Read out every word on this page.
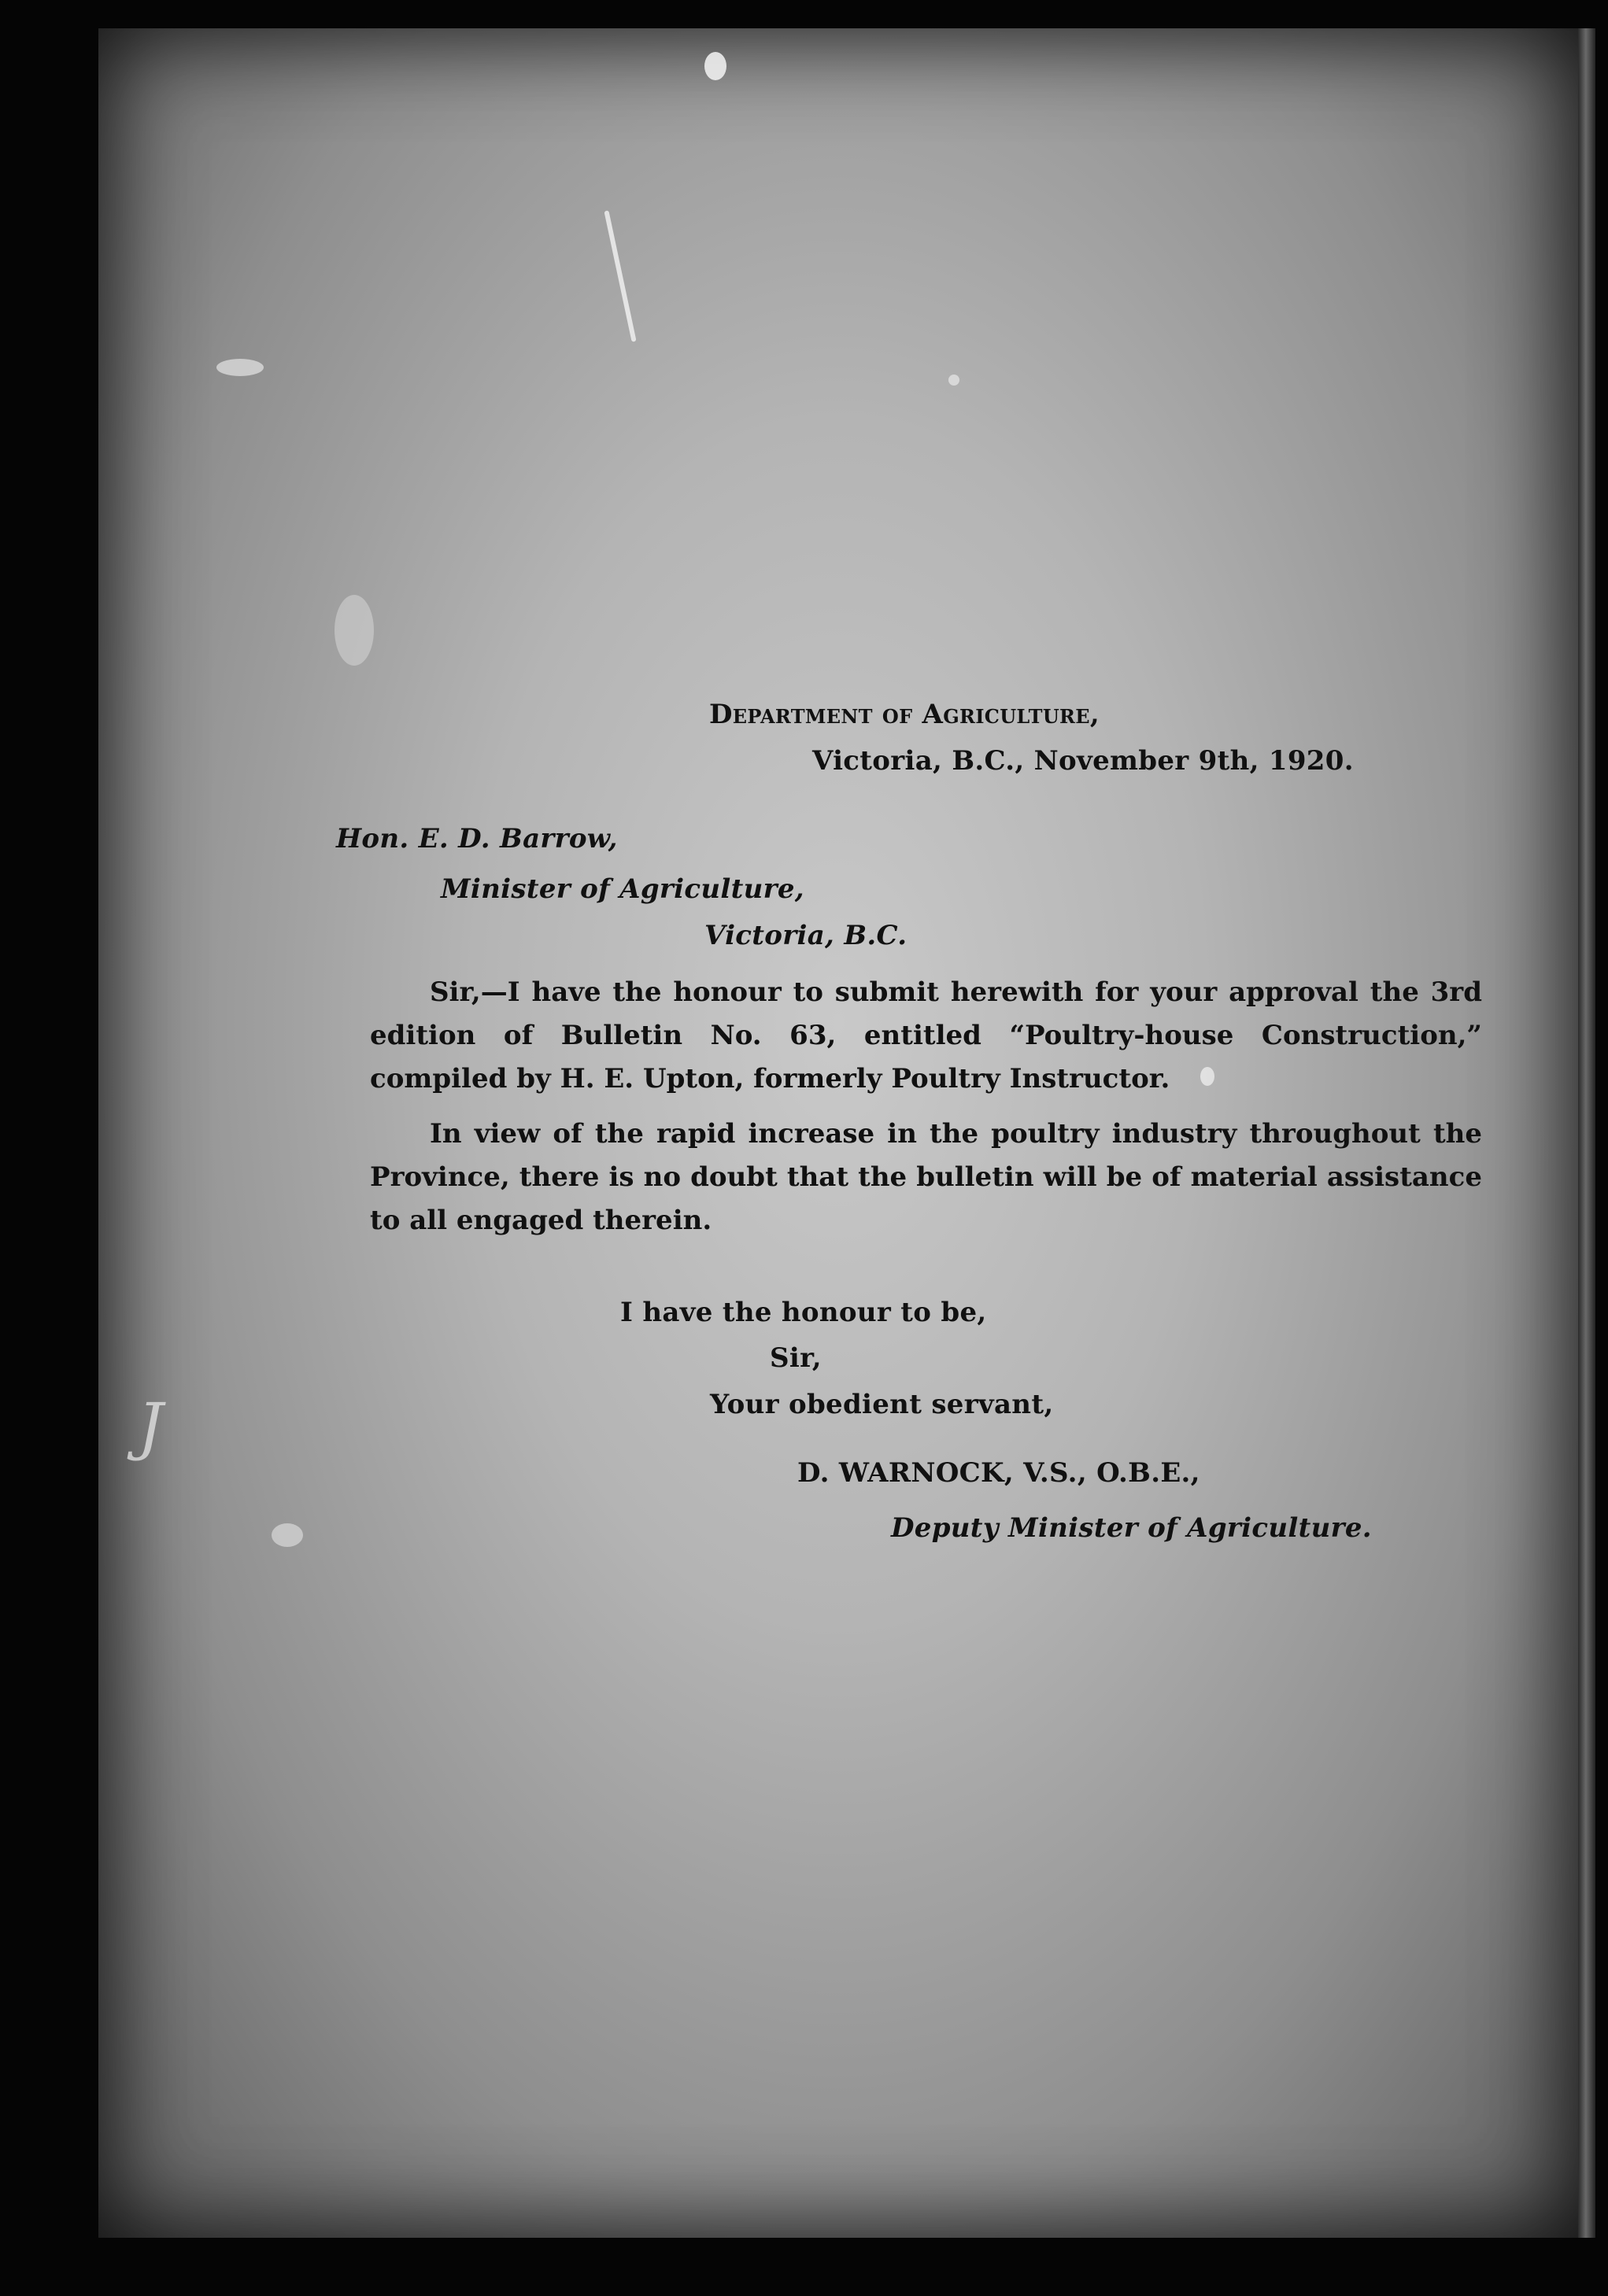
J
Department of Agriculture,
Victoria, B.C., November 9th, 1920.
Hon. E. D. Barrow,
Minister of Agriculture,
Victoria, B.C.
Sir,—I have the honour to submit herewith for your approval the 3rd edition of Bulletin No. 63, entitled “Poultry-house Construction,” compiled by H. E. Upton, formerly Poultry Instructor.
In view of the rapid increase in the poultry industry throughout the Province, there is no doubt that the bulletin will be of material assistance to all engaged therein.
I have the honour to be,
Sir,
Your obedient servant,
D. WARNOCK, V.S., O.B.E.,
Deputy Minister of Agriculture.
